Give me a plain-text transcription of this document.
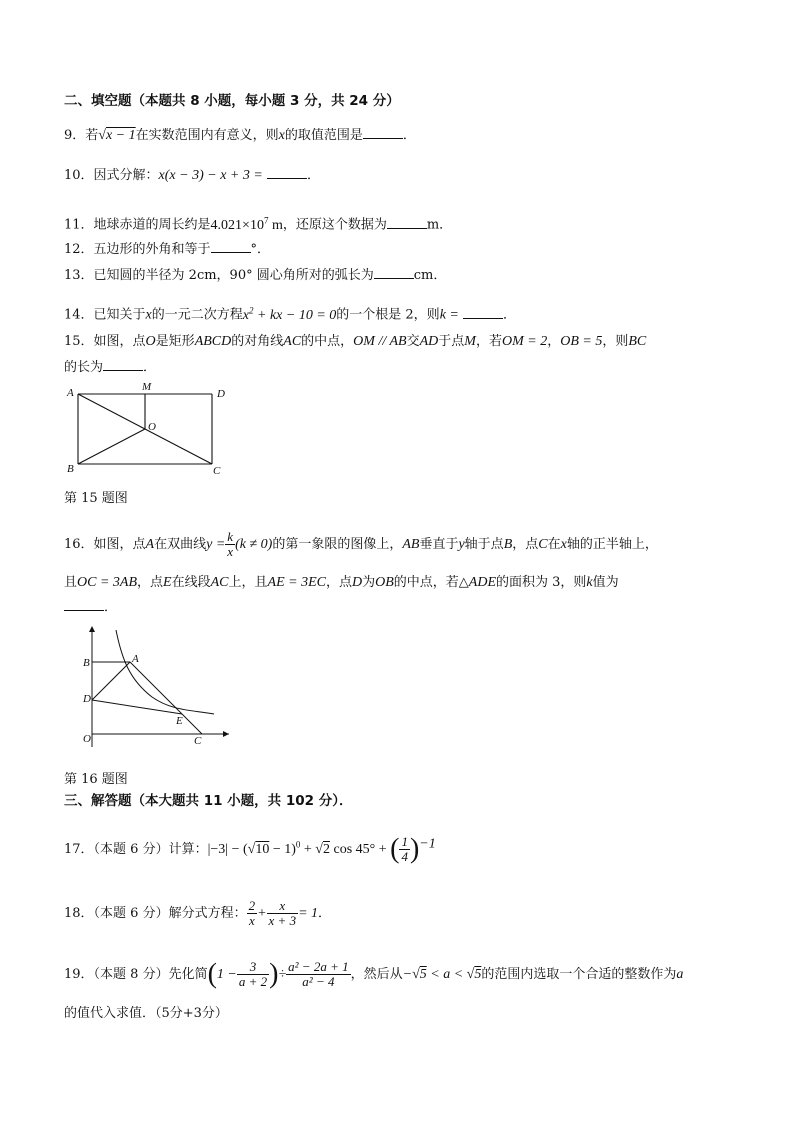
二、填空题（本题共 8 小题，每小题 3 分，共 24 分）
9．若√x − 1在实数范围内有意义，则x的取值范围是	．
10．因式分解：x(x − 3) − x + 3 =	．
11．地球赤道的周长约是$4.021\times 10^7$ m，还原这个数据为	m．
12．五边形的外角和等于	°．
13．已知圆的半径为 2cm，90° 圆心角所对的弧长为	cm．
14．已知关于x的一元二次方程$x^2$ + kx − 10 = 0的一个根是 2，则k =	．
15．如图，点O是矩形ABCD的对角线AC的中点，OM // AB交AD于点M，若OM = 2，OB = 5，则BC
的长为	．
A	M
D
O
B	C
第 15 题图
16．如图，点A在双曲线$y = \frac{k}{x} (k \ne 0)$的第一象限的图像上，AB垂直于y轴于点B，点C在x轴的正半轴上，
且OC = 3AB，点E在线段AC上，且AE = 3EC，点D为OB的中点，若△ADE的面积为 3，则k值为
．
B	A
D
E
O	C
第 16 题图
三、解答题（本大题共 11 小题，共 102 分）．
17．（本题 6 分）计算：$|-3| - (√10 - 1)^0 + √2$ cos 45° + ( $\frac{1}{4} )^{-1}$
18．（本题 6 分）解分式方程： $\frac{2}{x} + \frac{x}{x + 3} = 1$．
19．（本题 8 分）先化简($1 - \frac{3}{a + 2}$ )÷ $\frac{\text{a² − 2a + 1}}{\text{a² − 4}}$ ，然后从−√5 < a < √5的范围内选取一个合适的整数作为a
的值代入求值．（5分+3分）
